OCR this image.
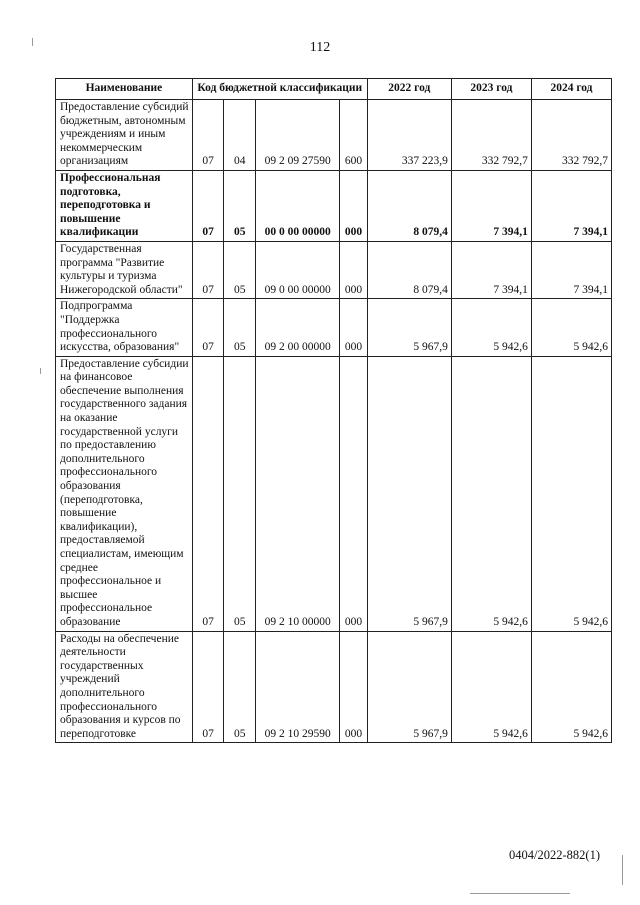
112
Наименование	Код бюджетной классификации				2022 год	2023 год	2024 год
Предоставление субсидий бюджетным, автономным учреждениям и иным некоммерческим организациям	07	04	09 2 09 27590	600	337 223,9	332 792,7	332 792,7
Профессиональная подготовка, переподготовка и повышение квалификации	07	05	00 0 00 00000	000	8 079,4	7 394,1	7 394,1
Государственная программа "Развитие культуры и туризма Нижегородской области"	07	05	09 0 00 00000	000	8 079,4	7 394,1	7 394,1
Подпрограмма "Поддержка профессионального искусства, образования"	07	05	09 2 00 00000	000	5 967,9	5 942,6	5 942,6
Предоставление субсидии на финансовое обеспечение выполнения государственного задания на оказание государственной услуги по предоставлению дополнительного профессионального образования (переподготовка, повышение квалификации), предоставляемой специалистам, имеющим среднее профессиональное и высшее профессиональное образование	07	05	09 2 10 00000	000	5 967,9	5 942,6	5 942,6
Расходы на обеспечение деятельности государственных учреждений дополнительного профессионального образования и курсов по переподготовке	07	05	09 2 10 29590	000	5 967,9	5 942,6	5 942,6
0404/2022-882(1)
